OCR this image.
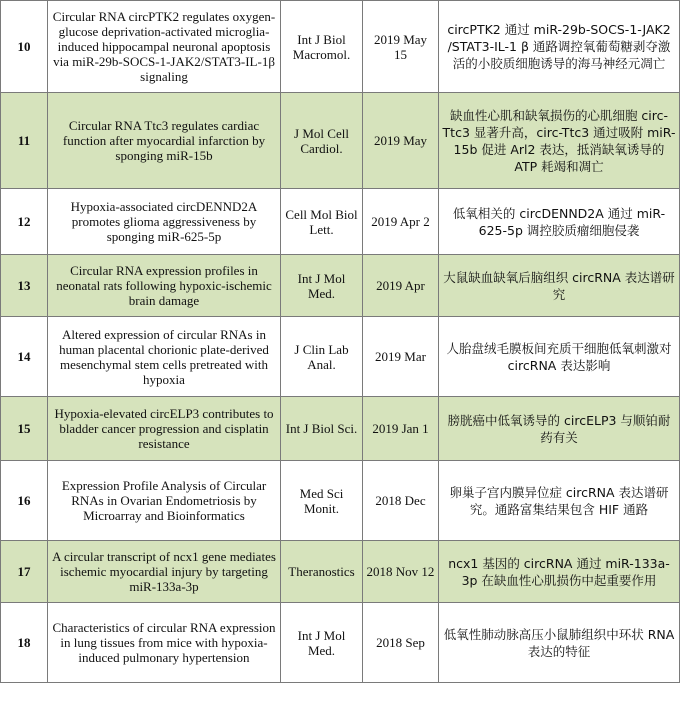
10	Circular RNA circPTK2 regulates oxygen-glucose deprivation-activated microglia-induced hippocampal neuronal apoptosis via miR-29b-SOCS-1-JAK2/STAT3-IL-1β signaling	Int J Biol Macromol.	2019 May 15	circPTK2 通过 miR-29b-SOCS-1-JAK2 /STAT3-IL-1 β 通路调控氧葡萄糖剥夺激活的小胶质细胞诱导的海马神经元凋亡
11	Circular RNA Ttc3 regulates cardiac function after myocardial infarction by sponging miR-15b	J Mol Cell Cardiol.	2019 May	缺血性心肌和缺氧损伤的心肌细胞 circ-Ttc3 显著升高，circ-Ttc3 通过吸附 miR-15b 促进 Arl2 表达，抵消缺氧诱导的 ATP 耗竭和凋亡
12	Hypoxia-associated circDENND2A promotes glioma aggressiveness by sponging miR-625-5p	Cell Mol Biol Lett.	2019 Apr 2	低氧相关的 circDENND2A 通过 miR-625-5p 调控胶质瘤细胞侵袭
13	Circular RNA expression profiles in neonatal rats following hypoxic-ischemic brain damage	Int J Mol Med.	2019 Apr	大鼠缺血缺氧后脑组织 circRNA 表达谱研究
14	Altered expression of circular RNAs in human placental chorionic plate-derived mesenchymal stem cells pretreated with hypoxia	J Clin Lab Anal.	2019 Mar	人胎盘绒毛膜板间充质干细胞低氧刺激对 circRNA 表达影响
15	Hypoxia-elevated circELP3 contributes to bladder cancer progression and cisplatin resistance	Int J Biol Sci.	2019 Jan 1	膀胱癌中低氧诱导的 circELP3 与顺铂耐药有关
16	Expression Profile Analysis of Circular RNAs in Ovarian Endometriosis by Microarray and Bioinformatics	Med Sci Monit.	2018 Dec	卵巢子宫内膜异位症 circRNA 表达谱研究。通路富集结果包含 HIF 通路
17	A circular transcript of ncx1 gene mediates ischemic myocardial injury by targeting miR-133a-3p	Theranostics	2018 Nov 12	ncx1 基因的 circRNA 通过 miR-133a-3p 在缺血性心肌损伤中起重要作用
18	Characteristics of circular RNA expression in lung tissues from mice with hypoxia‐ induced pulmonary hypertension	Int J Mol Med.	2018 Sep	低氧性肺动脉高压小鼠肺组织中环状 RNA 表达的特征
